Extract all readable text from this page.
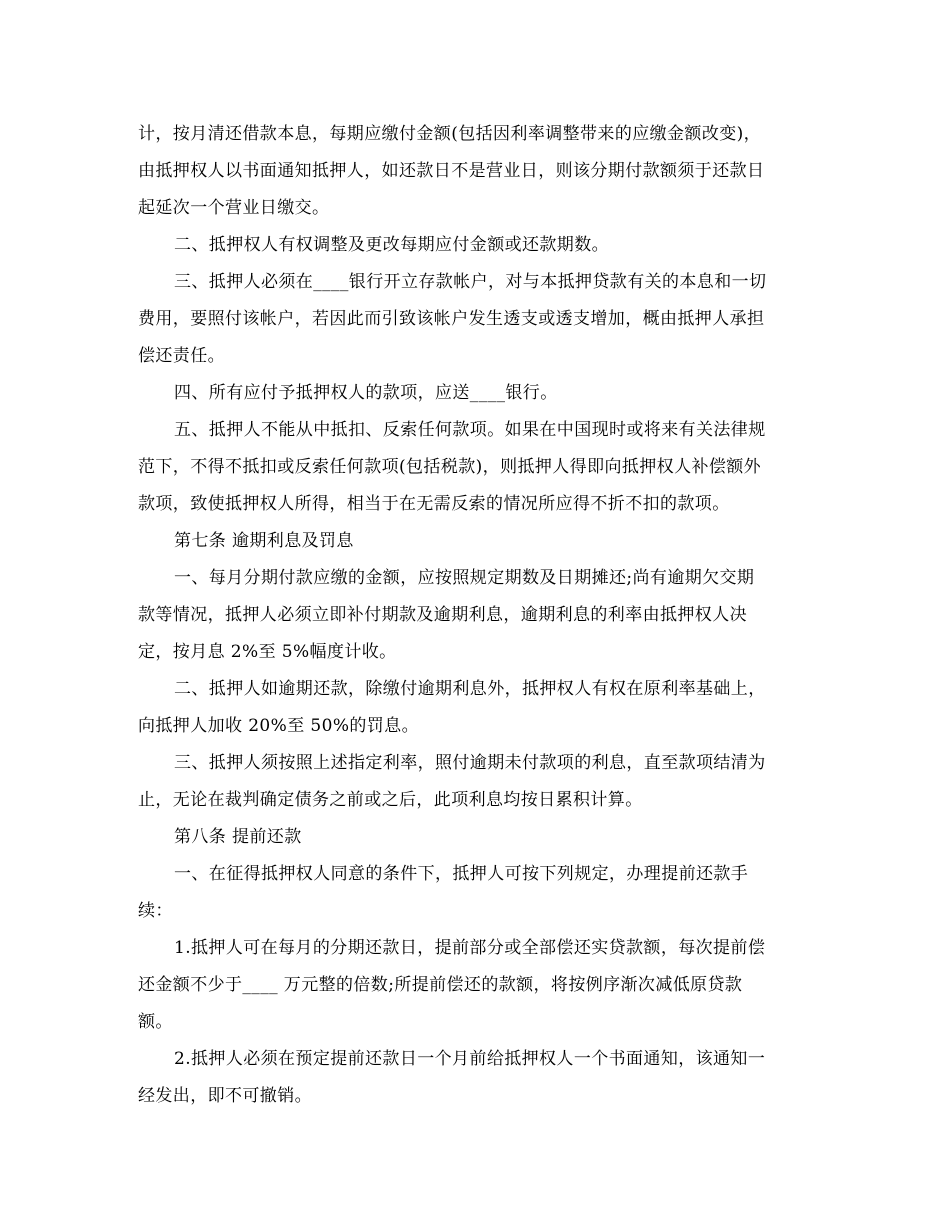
计，按月清还借款本息，每期应缴付金额(包括因利率调整带来的应缴金额改变)，
由抵押权人以书面通知抵押人，如还款日不是营业日，则该分期付款额须于还款日
起延次一个营业日缴交。
二、抵押权人有权调整及更改每期应付金额或还款期数。
三、抵押人必须在____银行开立存款帐户，对与本抵押贷款有关的本息和一切
费用，要照付该帐户，若因此而引致该帐户发生透支或透支增加，概由抵押人承担
偿还责任。
四、所有应付予抵押权人的款项，应送____银行。
五、抵押人不能从中抵扣、反索任何款项。如果在中国现时或将来有关法律规
范下，不得不抵扣或反索任何款项(包括税款)，则抵押人得即向抵押权人补偿额外
款项，致使抵押权人所得，相当于在无需反索的情况所应得不折不扣的款项。
第七条 逾期利息及罚息
一、每月分期付款应缴的金额，应按照规定期数及日期摊还;尚有逾期欠交期
款等情况，抵押人必须立即补付期款及逾期利息，逾期利息的利率由抵押权人决
定，按月息 2%至 5%幅度计收。
二、抵押人如逾期还款，除缴付逾期利息外，抵押权人有权在原利率基础上，
向抵押人加收 20%至 50%的罚息。
三、抵押人须按照上述指定利率，照付逾期未付款项的利息，直至款项结清为
止，无论在裁判确定债务之前或之后，此项利息均按日累积计算。
第八条 提前还款
一、在征得抵押权人同意的条件下，抵押人可按下列规定，办理提前还款手
续：
1.抵押人可在每月的分期还款日，提前部分或全部偿还实贷款额，每次提前偿
还金额不少于____ 万元整的倍数;所提前偿还的款额，将按例序渐次减低原贷款
额。
2.抵押人必须在预定提前还款日一个月前给抵押权人一个书面通知，该通知一
经发出，即不可撤销。
